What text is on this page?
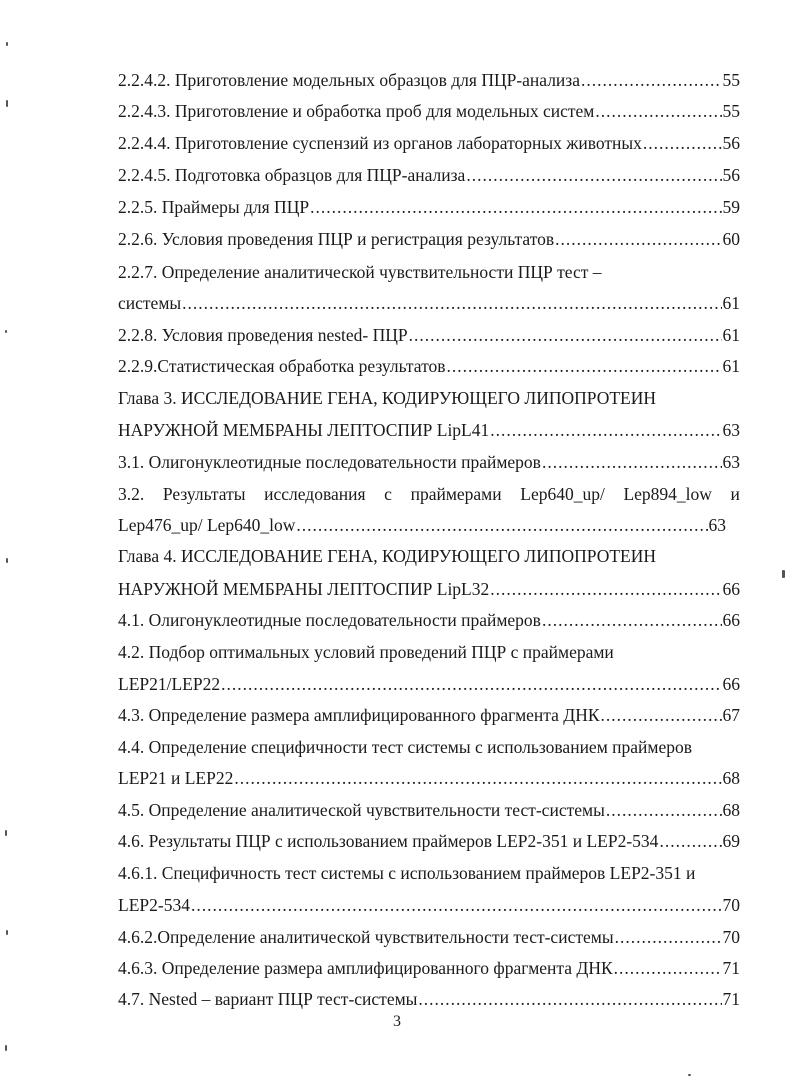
2.2.4.2. Приготовление модельных образцов для ПЦР-анализа .....	55
2.2.4.3. Приготовление и обработка проб для модельных систем .....	55
2.2.4.4. Приготовление суспензий из органов лабораторных животных .....	56
2.2.4.5. Подготовка образцов для ПЦР-анализа .....	56
2.2.5. Праймеры для ПЦР .....	59
2.2.6. Условия проведения ПЦР и регистрация результатов .....	60
2.2.7. Определение аналитической чувствительности ПЦР тест –
системы .....	61
2.2.8. Условия проведения nested- ПЦР .....	61
2.2.9.Статистическая обработка результатов .....	61
Глава 3. ИССЛЕДОВАНИЕ ГЕНА, КОДИРУЮЩЕГО ЛИПОПРОТЕИН
НАРУЖНОЙ МЕМБРАНЫ ЛЕПТОСПИР LipL41 .....	63
3.1. Олигонуклеотидные последовательности праймеров .....	63
3.2. Результаты исследования с праймерами Lep640_up/ Lep894_low и
Lep476_up/ Lep640_low .....	63
Глава 4. ИССЛЕДОВАНИЕ ГЕНА, КОДИРУЮЩЕГО ЛИПОПРОТЕИН
НАРУЖНОЙ МЕМБРАНЫ ЛЕПТОСПИР LipL32 .....	66
4.1. Олигонуклеотидные последовательности праймеров .....	66
4.2. Подбор оптимальных условий проведений ПЦР с праймерами
LEP21/LEP22 .....	66
4.3. Определение размера амплифицированного фрагмента ДНК .....	67
4.4. Определение специфичности тест системы с использованием праймеров
LEP21 и LEP22 .....	68
4.5. Определение аналитической чувствительности тест-системы .....	68
4.6. Результаты ПЦР с использованием праймеров LEP2-351 и LEP2-534 .....	69
4.6.1. Специфичность тест системы с использованием праймеров LEP2-351 и
LEP2-534 .....	70
4.6.2.Определение аналитической чувствительности тест-системы .....	70
4.6.3. Определение размера амплифицированного фрагмента ДНК .....	71
4.7. Nested – вариант ПЦР тест-системы .....	71
3
